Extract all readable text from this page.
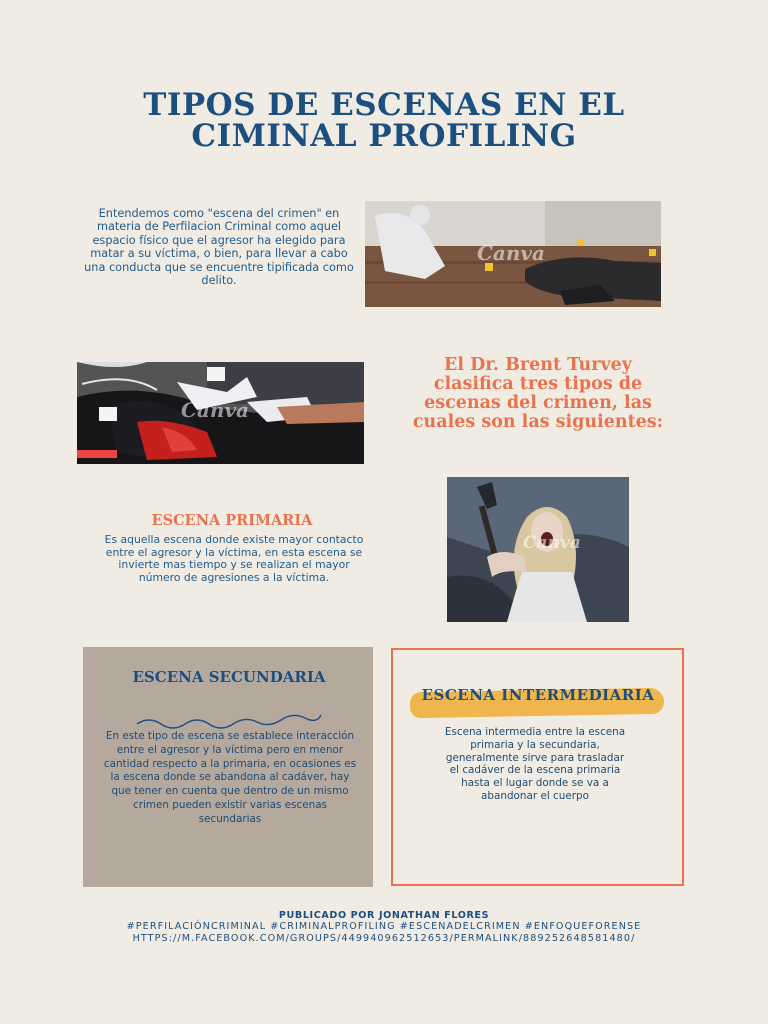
TIPOS DE ESCENAS EN EL CIMINAL PROFILING
Entendemos como "escena del crimen" en materia de Perfilacion Criminal como aquel espacio físico que el agresor ha elegido para matar a su víctima, o bien, para llevar a cabo una conducta que se encuentre tipificada como delito.
Canva
Canva
El Dr. Brent Turvey clasifica tres tipos de escenas del crimen, las cuales son las siguientes:
Canva
ESCENA PRIMARIA
Es aquella escena donde existe mayor contacto entre el agresor y la víctima, en esta escena se invierte mas tiempo y se realizan el mayor número de agresiones a la víctima.
ESCENA SECUNDARIA
En este tipo de escena se establece interacción entre el agresor y la víctima pero en menor cantidad respecto a la primaria, en ocasiones es la escena donde se abandona al cadáver, hay que tener en cuenta que dentro de un mismo crimen pueden existir varias escenas secundarias
ESCENA INTERMEDIARIA
Escena intermedia entre la escena primaria y la secundaria, generalmente sirve para trasladar el cadáver de la escena primaria hasta el lugar donde se va a abandonar el cuerpo
PUBLICADO POR JONATHAN FLORES
#PERFILACIÓNCRIMINAL #CRIMINALPROFILING #ESCENADELCRIMEN #ENFOQUEFORENSE
HTTPS://M.FACEBOOK.COM/GROUPS/449940962512653/PERMALINK/889252648581480/
